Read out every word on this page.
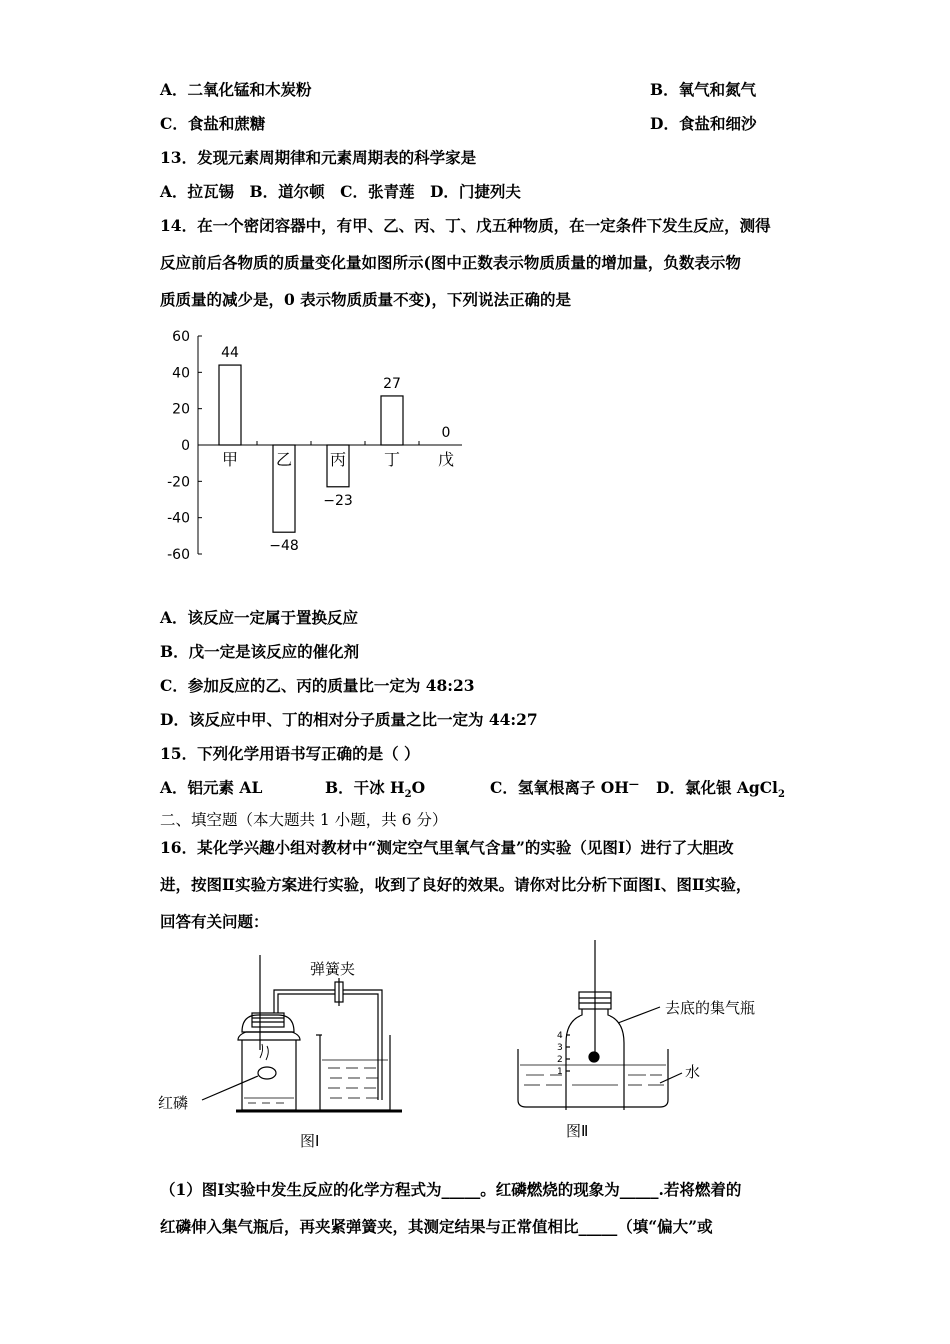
A．二氧化锰和木炭粉	B．氧气和氮气
C．食盐和蔗糖	D．食盐和细沙
13．发现元素周期律和元素周期表的科学家是
A．拉瓦锡　B．道尔顿　C．张青莲　D．门捷列夫
14．在一个密闭容器中，有甲、乙、丙、丁、戊五种物质，在一定条件下发生反应，测得
反应前后各物质的质量变化量如图所示(图中正数表示物质质量的增加量，负数表示物
质质量的减少是，0 表示物质质量不变)，下列说法正确的是
60
40
20
0
-20
-40
-60
甲 乙 丙 丁 戊
44
−48
−23
27
0
A．该反应一定属于置换反应
B．戊一定是该反应的催化剂
C．参加反应的乙、丙的质量比一定为 48:23
D．该反应中甲、丁的相对分子质量之比一定为 44:27
15．下列化学用语书写正确的是（ ）
A．铝元素 AL	B．干冰 $H_2O$	C．氢氧根离子 OH— D．氯化银 AgCl$_2$
二、填空题（本大题共 1 小题，共 6 分）
16．某化学兴趣小组对教材中“测定空气里氧气含量”的实验（见图Ⅰ）进行了大胆改
进，按图Ⅱ实验方案进行实验，收到了良好的效果。请你对比分析下面图Ⅰ、图Ⅱ实验，
回答有关问题：
弹簧夹
红磷
图Ⅰ
4
3
2
1
去底的集气瓶
水
图Ⅱ
（1）图Ⅰ实验中发生反应的化学方程式为_____。红磷燃烧的现象为_____.若将燃着的
红磷伸入集气瓶后，再夹紧弹簧夹，其测定结果与正常值相比_____（填“偏大”或
